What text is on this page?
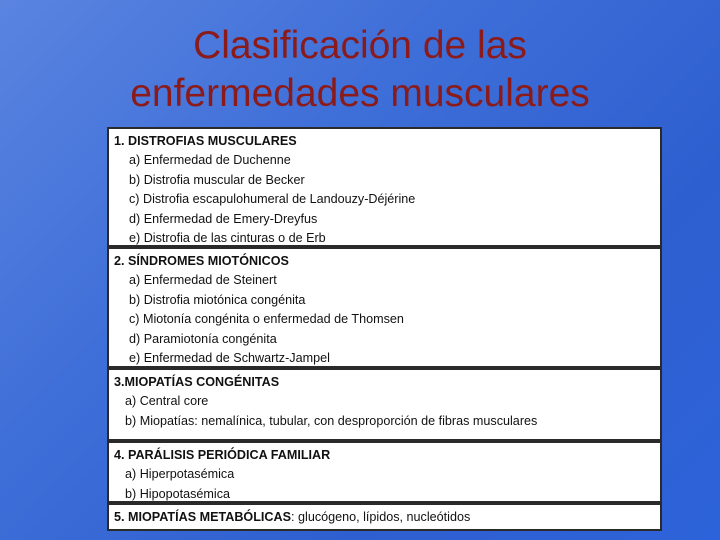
Clasificación de las
enfermedades musculares
1. DISTROFIAS MUSCULARES
a) Enfermedad de Duchenne
b) Distrofia muscular de Becker
c) Distrofia escapulohumeral de Landouzy-Déjérine
d) Enfermedad de Emery-Dreyfus
e) Distrofia de las cinturas o de Erb
2. SÍNDROMES MIOTÓNICOS
a) Enfermedad de Steinert
b) Distrofia miotónica congénita
c) Miotonía congénita o enfermedad de Thomsen
d) Paramiotonía congénita
e) Enfermedad de Schwartz-Jampel
3.MIOPATÍAS CONGÉNITAS
a) Central core
b) Miopatías: nemalínica, tubular, con desproporción de fibras musculares
4. PARÁLISIS PERIÓDICA FAMILIAR
a) Hiperpotasémica
b) Hipopotasémica
5. MIOPATÍAS METABÓLICAS: glucógeno, lípidos, nucleótidos
